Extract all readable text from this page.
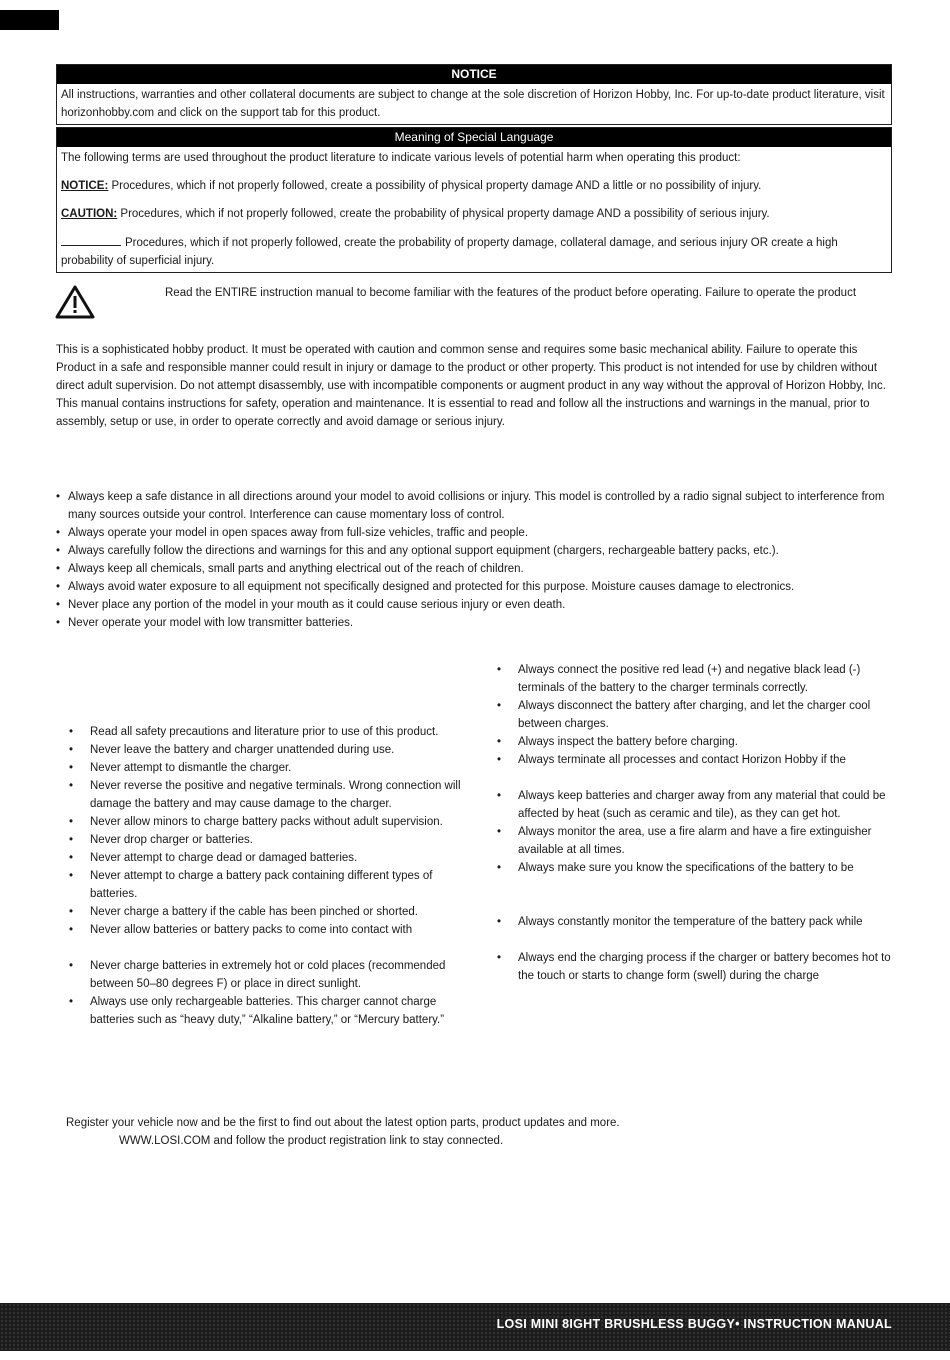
NOTICE
All instructions, warranties and other collateral documents are subject to change at the sole discretion of Horizon Hobby, Inc. For up-to-date product literature, visit horizonhobby.com and click on the support tab for this product.
Meaning of Special Language

The following terms are used throughout the product literature to indicate various levels of potential harm when operating this product:

NOTICE: Procedures, which if not properly followed, create a possibility of physical property damage AND a little or no possibility of injury.

CAUTION: Procedures, which if not properly followed, create the probability of physical property damage AND a possibility of serious injury.

Procedures, which if not properly followed, create the probability of property damage, collateral damage, and serious injury OR create a high probability of superficial injury.

Read the ENTIRE instruction manual to become familiar with the features of the product before operating. Failure to operate the product
This is a sophisticated hobby product. It must be operated with caution and common sense and requires some basic mechanical ability. Failure to operate this Product in a safe and responsible manner could result in injury or damage to the product or other property. This product is not intended for use by children without direct adult supervision. Do not attempt disassembly, use with incompatible components or augment product in any way without the approval of Horizon Hobby, Inc. This manual contains instructions for safety, operation and maintenance. It is essential to read and follow all the instructions and warnings in the manual, prior to assembly, setup or use, in order to operate correctly and avoid damage or serious injury.
• Always keep a safe distance in all directions around your model to avoid collisions or injury. This model is controlled by a radio signal subject to interference from many sources outside your control. Interference can cause momentary loss of control.
• Always operate your model in open spaces away from full-size vehicles, traffic and people.
• Always carefully follow the directions and warnings for this and any optional support equipment (chargers, rechargeable battery packs, etc.).
• Always keep all chemicals, small parts and anything electrical out of the reach of children.
• Always avoid water exposure to all equipment not specifically designed and protected for this purpose. Moisture causes damage to electronics.
• Never place any portion of the model in your mouth as it could cause serious injury or even death.
• Never operate your model with low transmitter batteries.
• Read all safety precautions and literature prior to use of this product.
• Never leave the battery and charger unattended during use.
• Never attempt to dismantle the charger.
• Never reverse the positive and negative terminals. Wrong connection will damage the battery and may cause damage to the charger.
• Never allow minors to charge battery packs without adult supervision.
• Never drop charger or batteries.
• Never attempt to charge dead or damaged batteries.
• Never attempt to charge a battery pack containing different types of batteries.
• Never charge a battery if the cable has been pinched or shorted.
• Never allow batteries or battery packs to come into contact with
• Never charge batteries in extremely hot or cold places (recommended between 50–80 degrees F) or place in direct sunlight.
• Always use only rechargeable batteries. This charger cannot charge batteries such as “heavy duty,” “Alkaline battery,” or “Mercury battery.”
• Always connect the positive red lead (+) and negative black lead (-) terminals of the battery to the charger terminals correctly.
• Always disconnect the battery after charging, and let the charger cool between charges.
• Always inspect the battery before charging.
• Always terminate all processes and contact Horizon Hobby if the
• Always keep batteries and charger away from any material that could be affected by heat (such as ceramic and tile), as they can get hot.
• Always monitor the area, use a fire alarm and have a fire extinguisher available at all times.
• Always make sure you know the specifications of the battery to be
• Always constantly monitor the temperature of the battery pack while
• Always end the charging process if the charger or battery becomes hot to the touch or starts to change form (swell) during the charge
Register your vehicle now and be the first to find out about the latest option parts, product updates and more.
WWW.LOSI.COM and follow the product registration link to stay connected.
LOSI MINI 8IGHT BRUSHLESS BUGGY• INSTRUCTION MANUAL
